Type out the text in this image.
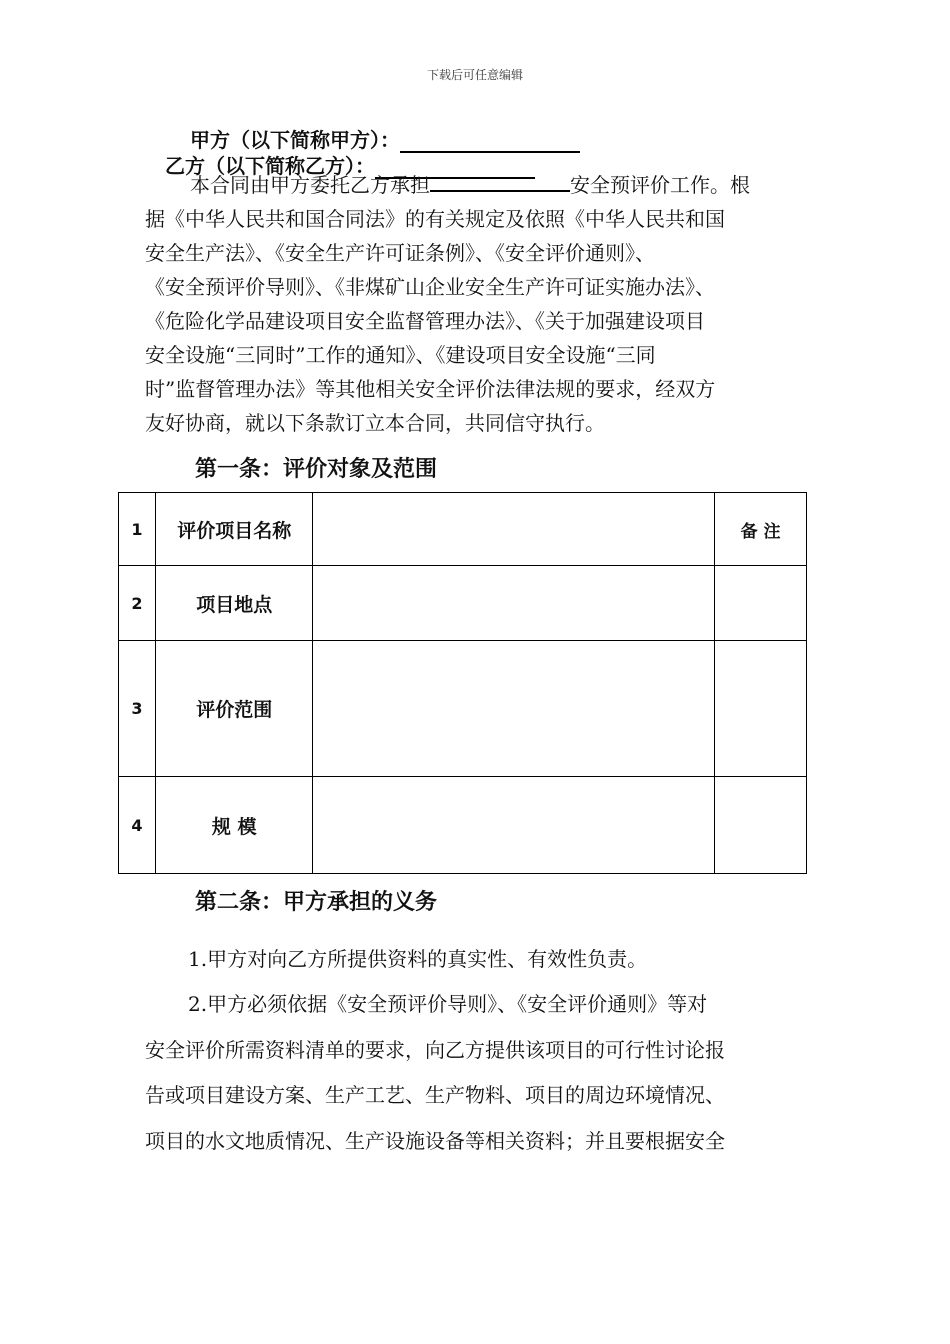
下载后可任意编辑
甲方（以下简称甲方）：
乙方（以下简称乙方）：
本合同由甲方委托乙方承担	安全预评价工作。根
据《中华人民共和国合同法》的有关规定及依照《中华人民共和国
安全生产法》、《安全生产许可证条例》、《安全评价通则》、
《安全预评价导则》、《非煤矿山企业安全生产许可证实施办法》、
《危险化学品建设项目安全监督管理办法》、《关于加强建设项目
安全设施“三同时”工作的通知》、《建设项目安全设施“三同
时”监督管理办法》等其他相关安全评价法律法规的要求，经双方
友好协商，就以下条款订立本合同，共同信守执行。
第一条：评价对象及范围
1	评价项目名称		备 注
2	项目地点		
3	评价范围		
4	规 模		
第二条：甲方承担的义务
1.甲方对向乙方所提供资料的真实性、有效性负责。
2.甲方必须依据《安全预评价导则》、《安全评价通则》等对
安全评价所需资料清单的要求，向乙方提供该项目的可行性讨论报
告或项目建设方案、生产工艺、生产物料、项目的周边环境情况、
项目的水文地质情况、生产设施设备等相关资料；并且要根据安全
